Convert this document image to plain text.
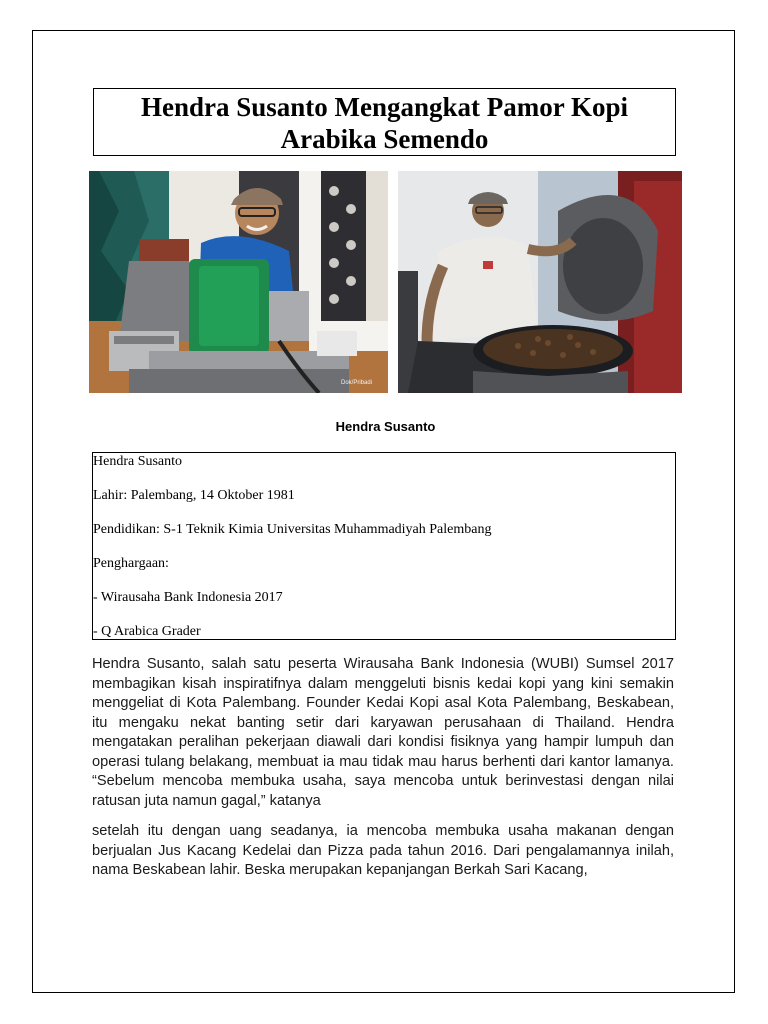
Hendra Susanto Mengangkat Pamor Kopi Arabika Semendo
Dok/Pribadi
Hendra Susanto
Hendra Susanto
Lahir: Palembang, 14 Oktober 1981
Pendidikan: S-1 Teknik Kimia Universitas Muhammadiyah Palembang
Penghargaan:
- Wirausaha Bank Indonesia 2017
- Q Arabica Grader

Hendra Susanto, salah satu peserta Wirausaha Bank Indonesia (WUBI) Sumsel 2017 membagikan kisah inspiratifnya dalam menggeluti bisnis kedai kopi yang kini semakin menggeliat di Kota Palembang. Founder Kedai Kopi asal Kota Palembang, Beskabean, itu mengaku nekat banting setir dari karyawan perusahaan di Thailand. Hendra mengatakan peralihan pekerjaan diawali dari kondisi fisiknya yang hampir lumpuh dan operasi tulang belakang, membuat ia mau tidak mau harus berhenti dari kantor lamanya. “Sebelum mencoba membuka usaha, saya mencoba untuk berinvestasi dengan nilai ratusan juta namun gagal,” katanya

setelah itu dengan uang seadanya, ia mencoba membuka usaha makanan dengan berjualan Jus Kacang Kedelai dan Pizza pada tahun 2016. Dari pengalamannya inilah, nama Beskabean lahir. Beska merupakan kepanjangan Berkah Sari Kacang,
